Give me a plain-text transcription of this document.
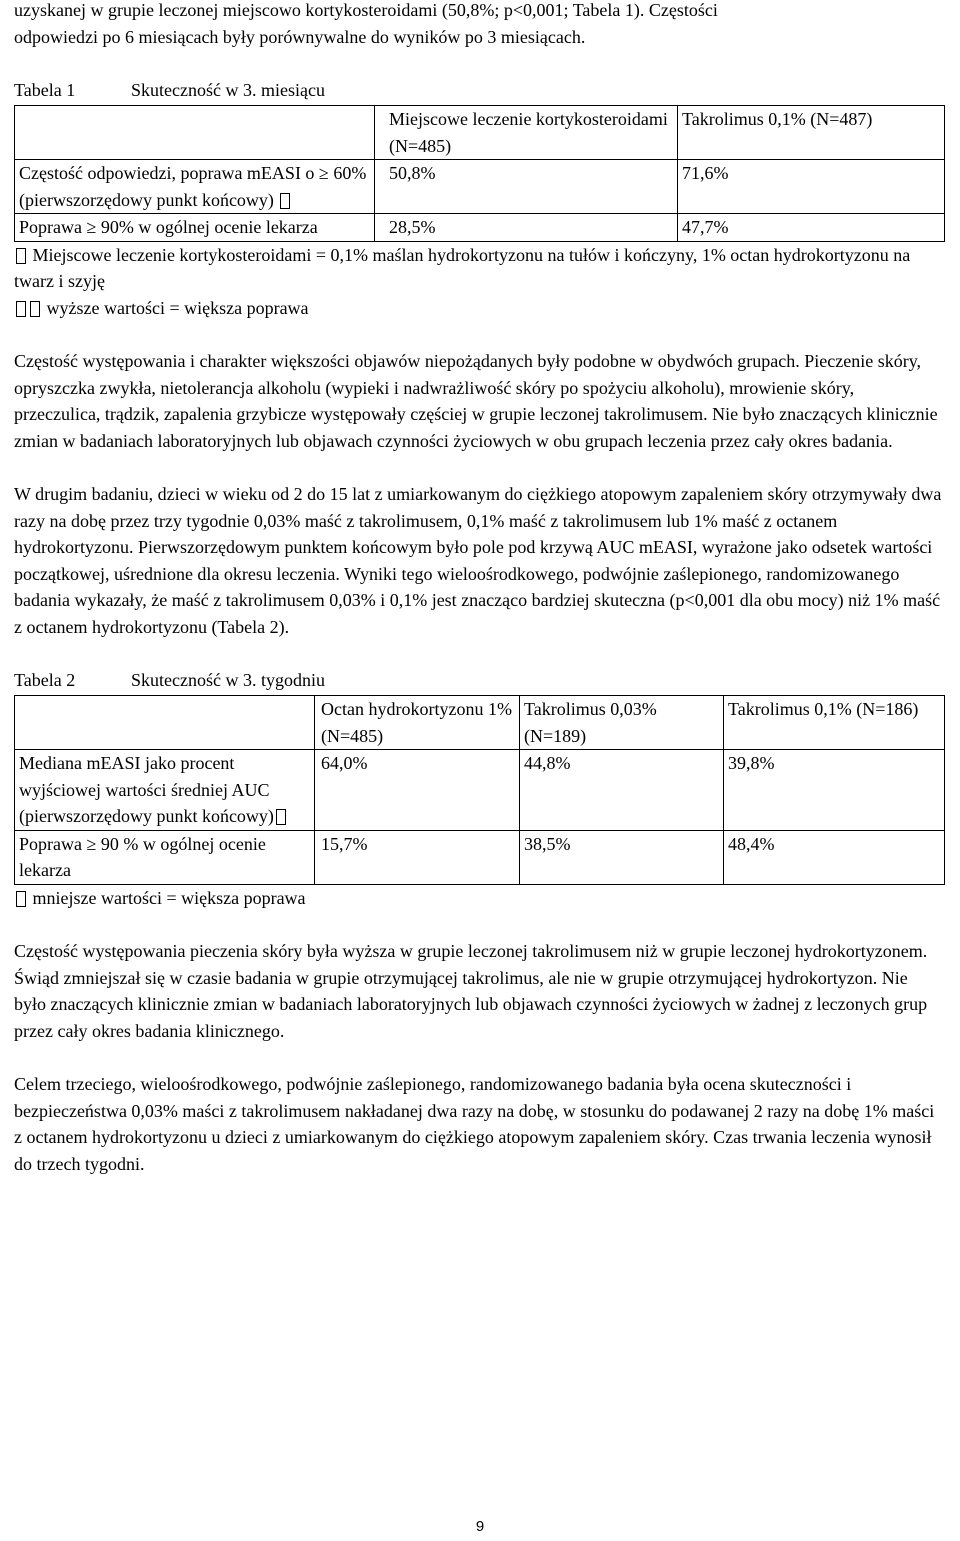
uzyskanej w grupie leczonej miejscowo kortykosteroidami (50,8%; p<0,001; Tabela 1). Częstości

odpowiedzi po 6 miesiącach były porównywalne do wyników po 3 miesiącach.

Tabela 1	Skuteczność w 3. miesiącu
	Miejscowe leczenie kortykosteroidami (N=485)	Takrolimus 0,1% (N=487)
Częstość odpowiedzi, poprawa mEASI o ≥ 60% (pierwszorzędowy punkt końcowy)	50,8%	71,6%
Poprawa ≥ 90% w ogólnej ocenie lekarza	28,5%	47,7%

Miejscowe leczenie kortykosteroidami = 0,1% maślan hydrokortyzonu na tułów i kończyny, 1% octan hydrokortyzonu na twarz i szyję

wyższe wartości = większa poprawa

Częstość występowania i charakter większości objawów niepożądanych były podobne w obydwóch grupach. Pieczenie skóry, opryszczka zwykła, nietolerancja alkoholu (wypieki i nadwrażliwość skóry po spożyciu alkoholu), mrowienie skóry, przeczulica, trądzik, zapalenia grzybicze występowały częściej w grupie leczonej takrolimusem. Nie było znaczących klinicznie zmian w badaniach laboratoryjnych lub objawach czynności życiowych w obu grupach leczenia przez cały okres badania.

W drugim badaniu, dzieci w wieku od 2 do 15 lat z umiarkowanym do ciężkiego atopowym zapaleniem skóry otrzymywały dwa razy na dobę przez trzy tygodnie 0,03% maść z takrolimusem, 0,1% maść z takrolimusem lub 1% maść z octanem hydrokortyzonu. Pierwszorzędowym punktem końcowym było pole pod krzywą AUC mEASI, wyrażone jako odsetek wartości początkowej, uśrednione dla okresu leczenia. Wyniki tego wieloośrodkowego, podwójnie zaślepionego, randomizowanego badania wykazały, że maść z takrolimusem 0,03% i 0,1% jest znacząco bardziej skuteczna (p<0,001 dla obu mocy) niż 1% maść z octanem hydrokortyzonu (Tabela 2).

Tabela 2	Skuteczność w 3. tygodniu
	Octan hydrokortyzonu 1% (N=485)	Takrolimus 0,03% (N=189)	Takrolimus 0,1% (N=186)
Mediana mEASI jako procent wyjściowej wartości średniej AUC (pierwszorzędowy punkt końcowy)	64,0%	44,8%	39,8%
Poprawa ≥ 90 % w ogólnej ocenie lekarza	15,7%	38,5%	48,4%

mniejsze wartości = większa poprawa

Częstość występowania pieczenia skóry była wyższa w grupie leczonej takrolimusem niż w grupie leczonej hydrokortyzonem. Świąd zmniejszał się w czasie badania w grupie otrzymującej takrolimus, ale nie w grupie otrzymującej hydrokortyzon. Nie było znaczących klinicznie zmian w badaniach laboratoryjnych lub objawach czynności życiowych w żadnej z leczonych grup przez cały okres badania klinicznego.

Celem trzeciego, wieloośrodkowego, podwójnie zaślepionego, randomizowanego badania była ocena skuteczności i bezpieczeństwa 0,03% maści z takrolimusem nakładanej dwa razy na dobę, w stosunku do podawanej 2 razy na dobę 1% maści z octanem hydrokortyzonu u dzieci z umiarkowanym do ciężkiego atopowym zapaleniem skóry. Czas trwania leczenia wynosił do trzech tygodni.

9
